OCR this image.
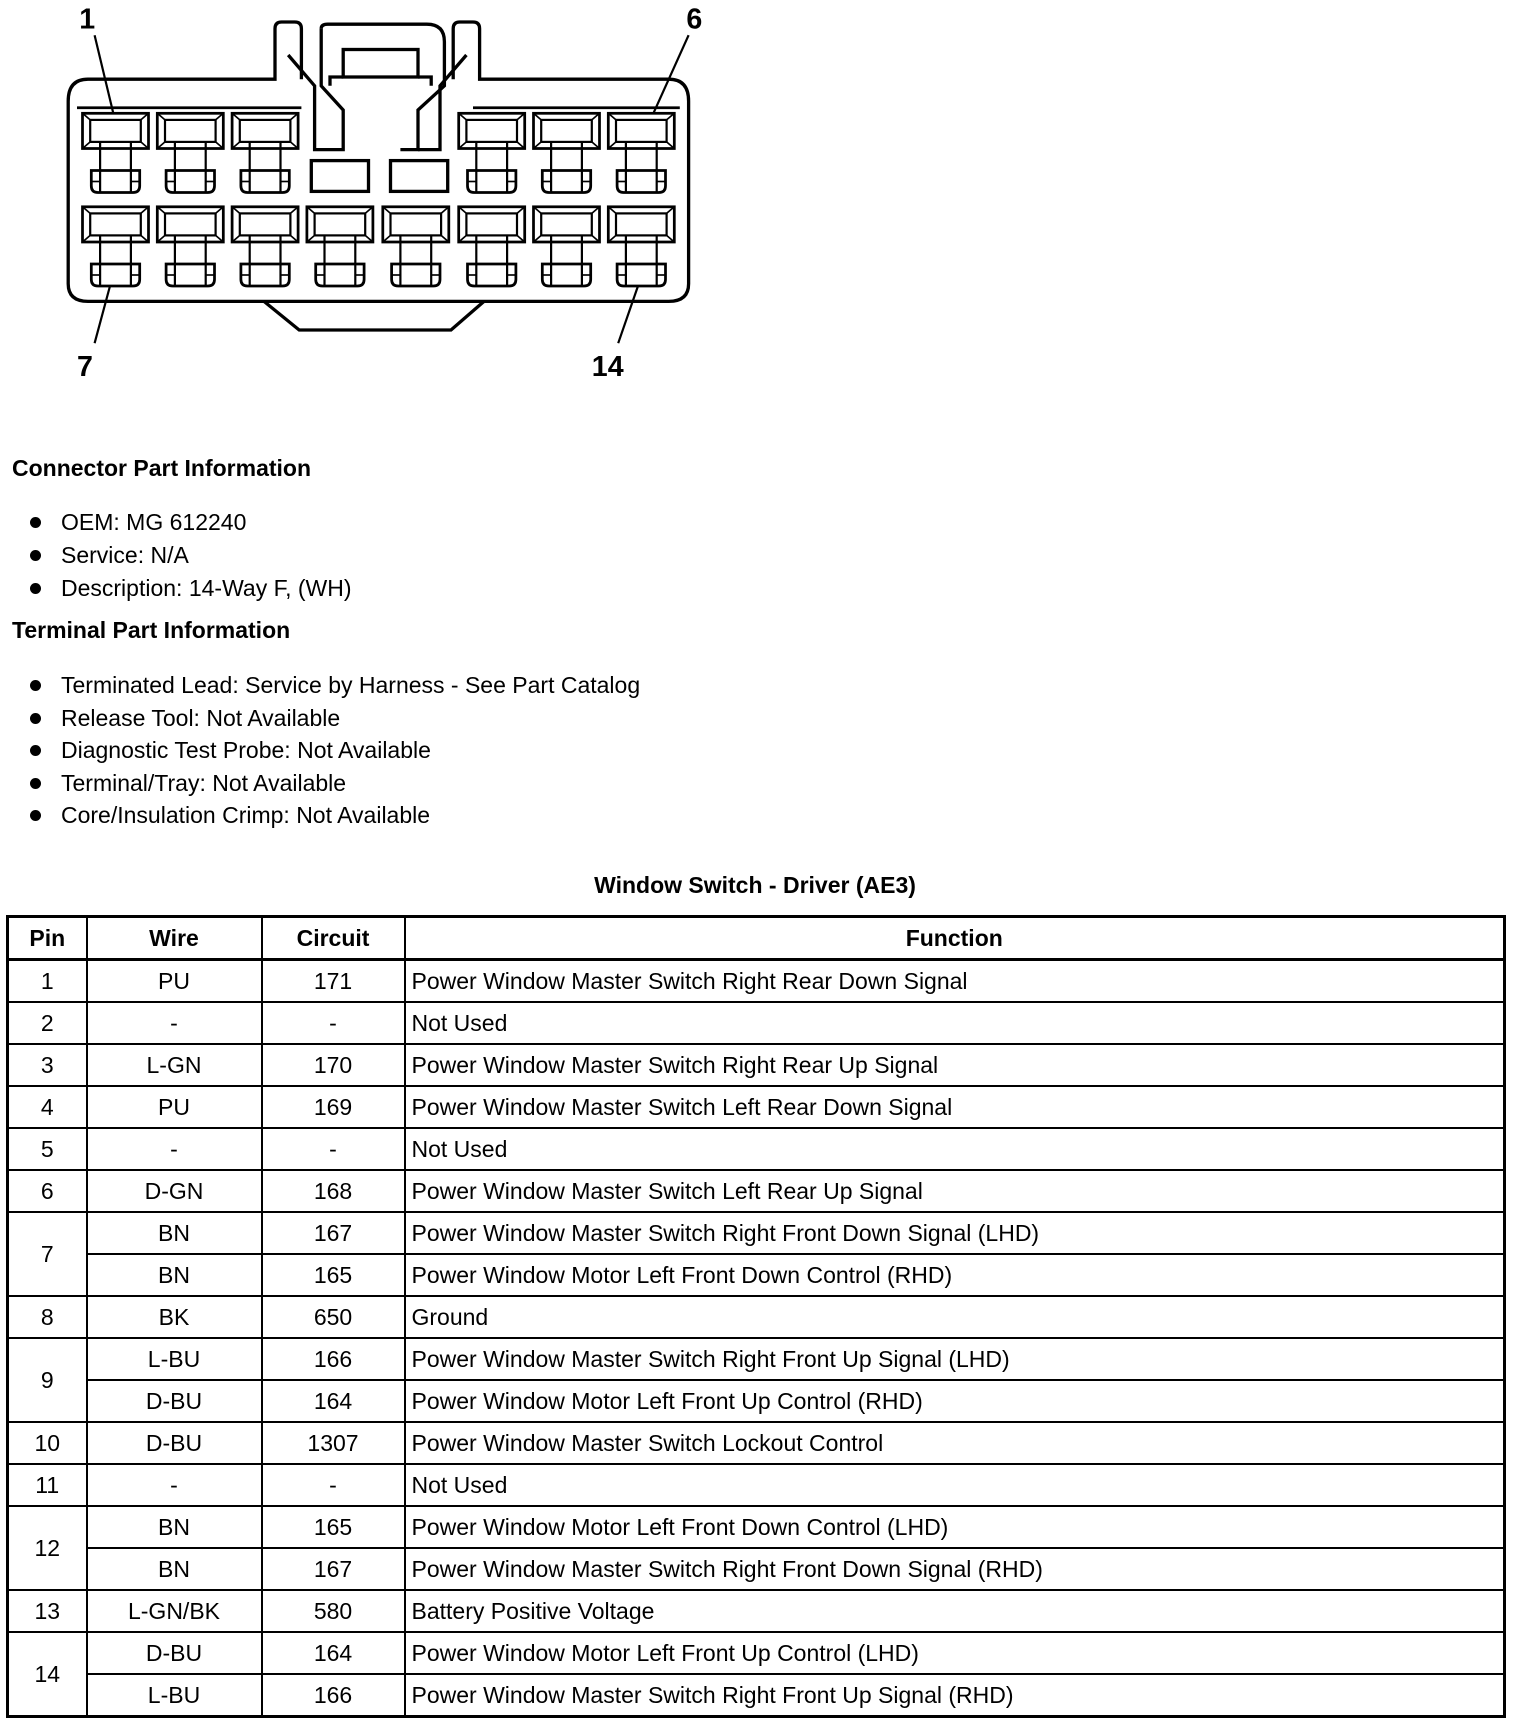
1	6
7	14
Connector Part Information
OEM: MG 612240
Service: N/A
Description: 14-Way F, (WH)
Terminal Part Information
Terminated Lead: Service by Harness - See Part Catalog
Release Tool: Not Available
Diagnostic Test Probe: Not Available
Terminal/Tray: Not Available
Core/Insulation Crimp: Not Available
Window Switch - Driver (AE3)
Pin	Wire	Circuit	Function
1	PU	171	Power Window Master Switch Right Rear Down Signal
2	-	-	Not Used
3	L-GN	170	Power Window Master Switch Right Rear Up Signal
4	PU	169	Power Window Master Switch Left Rear Down Signal
5	-	-	Not Used
6	D-GN	168	Power Window Master Switch Left Rear Up Signal
7	BN	167	Power Window Master Switch Right Front Down Signal (LHD)
	BN	165	Power Window Motor Left Front Down Control (RHD)
8	BK	650	Ground
9	L-BU	166	Power Window Master Switch Right Front Up Signal (LHD)
	D-BU	164	Power Window Motor Left Front Up Control (RHD)
10	D-BU	1307	Power Window Master Switch Lockout Control
11	-	-	Not Used
12	BN	165	Power Window Motor Left Front Down Control (LHD)
	BN	167	Power Window Master Switch Right Front Down Signal (RHD)
13	L-GN/BK	580	Battery Positive Voltage
14	D-BU	164	Power Window Motor Left Front Up Control (LHD)
	L-BU	166	Power Window Master Switch Right Front Up Signal (RHD)
